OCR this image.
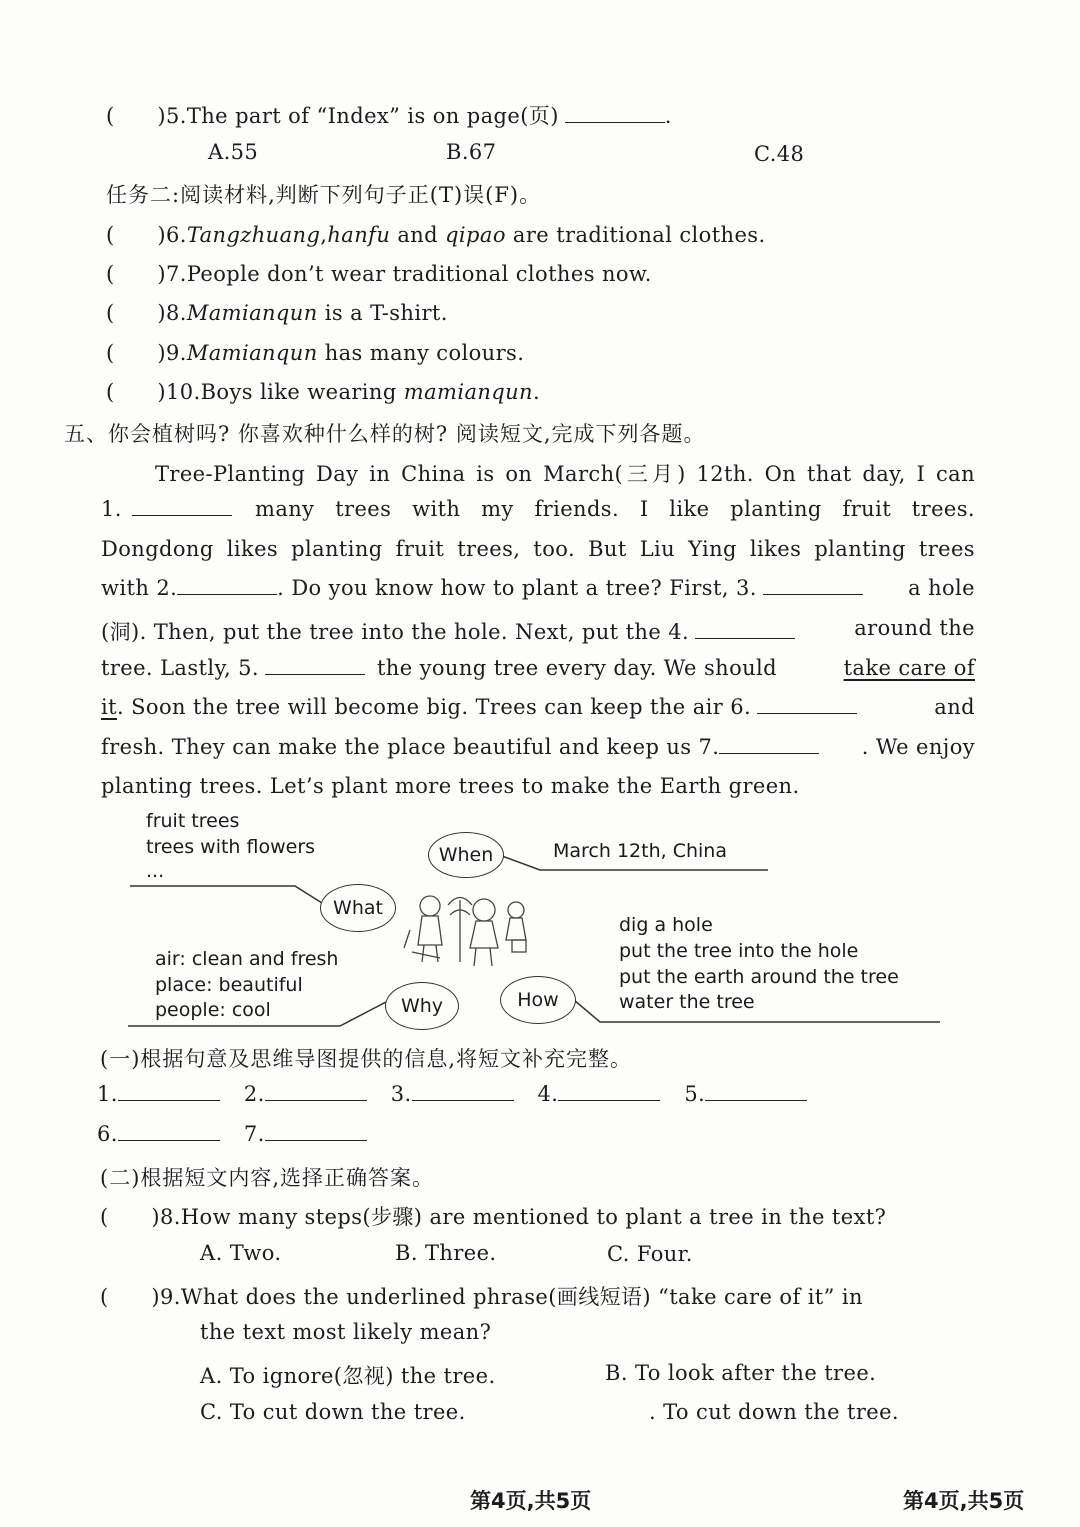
(　　)5.The part of “Index” is on page(页)	.
A.55	B.67	C.48
任务二:阅读材料,判断下列句子正(T)误(F)。
(　　)6.Tangzhuang,hanfu and qipao are traditional clothes.
(　　)7.People don’t wear traditional clothes now.
(　　)8.Mamianqun is a T-shirt.
(　　)9.Mamianqun has many colours.
(　　)10.Boys like wearing mamianqun.
五、你会植树吗? 你喜欢种什么样的树? 阅读短文,完成下列各题。
Tree-Planting Day in China is on March(三月) 12th. On that day, I can
1.	many trees with my friends. I like planting fruit trees.
Dongdong likes planting fruit trees, too. But Liu Ying likes planting trees
with 2.	. Do you know how to plant a tree? First, 3.	a hole
(洞). Then, put the tree into the hole. Next, put the 4.	around the
tree. Lastly, 5.	the young tree every day. We should	take care of
it. Soon the tree will become big. Trees can keep the air 6.	and
fresh. They can make the place beautiful and keep us 7.	. We enjoy
planting trees. Let’s plant more trees to make the Earth green.
fruit trees
trees with flowers
...
When	March 12th, China
What
dig a hole
put the tree into the hole
put the earth around the tree
water the tree
air: clean and fresh
place: beautiful
people: cool	Why	How
(一)根据句意及思维导图提供的信息,将短文补充完整。
1.	2.	3.	4.	5.
6.	7.
(二)根据短文内容,选择正确答案。
(　　)8.How many steps(步骤) are mentioned to plant a tree in the text?
A. Two.	B. Three.	C. Four.
(　　)9.What does the underlined phrase(画线短语) “take care of it” in
the text most likely mean?
A. To ignore(忽视) the tree.	B. To look after the tree.
C. To cut down the tree.	. To cut down the tree.
第4页,共5页	第4页,共5页
